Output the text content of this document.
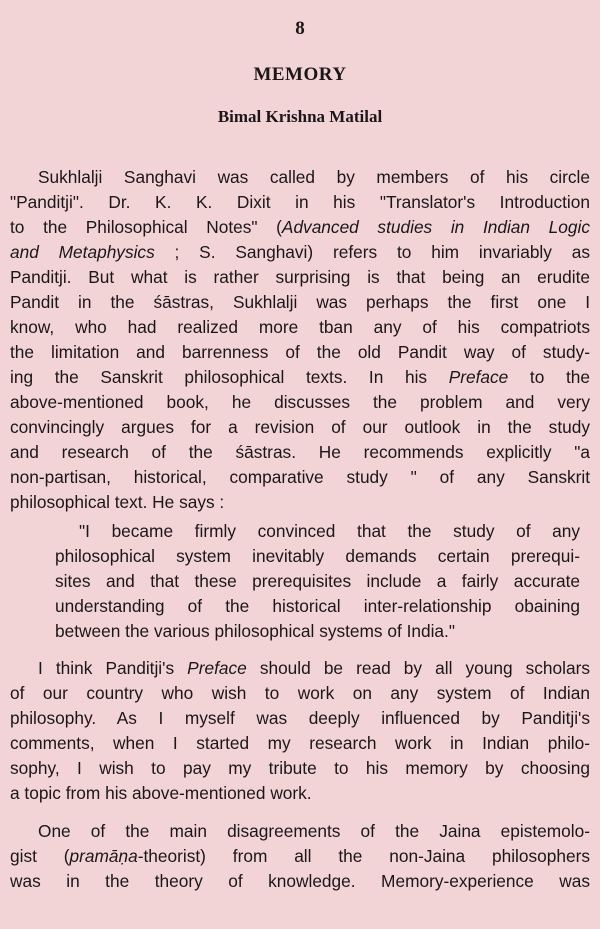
8
MEMORY
Bimal Krishna Matilal
Sukhlalji Sanghavi was called by members of his circle
"Panditji". Dr. K. K. Dixit in his "Translator's Introduction
to the Philosophical Notes" (Advanced studies in Indian Logic
and Metaphysics ; S. Sanghavi) refers to him invariably as
Panditji. But what is rather surprising is that being an erudite
Pandit in the śāstras, Sukhlalji was perhaps the first one I
know, who had realized more tban any of his compatriots
the limitation and barrenness of the old Pandit way of study-
ing the Sanskrit philosophical texts. In his Preface to the
above-mentioned book, he discusses the problem and very
convincingly argues for a revision of our outlook in the study
and research of the śāstras. He recommends explicitly "a
non-partisan, historical, comparative study " of any Sanskrit
philosophical text. He says :
"I became firmly convinced that the study of any
philosophical system inevitably demands certain prerequi-
sites and that these prerequisites include a fairly accurate
understanding of the historical inter-relationship obaining
between the various philosophical systems of India."
I think Panditji's Preface should be read by all young scholars
of our country who wish to work on any system of Indian
philosophy. As I myself was deeply influenced by Panditji's
comments, when I started my research work in Indian philo-
sophy, I wish to pay my tribute to his memory by choosing
a topic from his above-mentioned work.
One of the main disagreements of the Jaina epistemolo-
gist (pramāṇa-theorist) from all the non-Jaina philosophers
was in the theory of knowledge. Memory-experience was
